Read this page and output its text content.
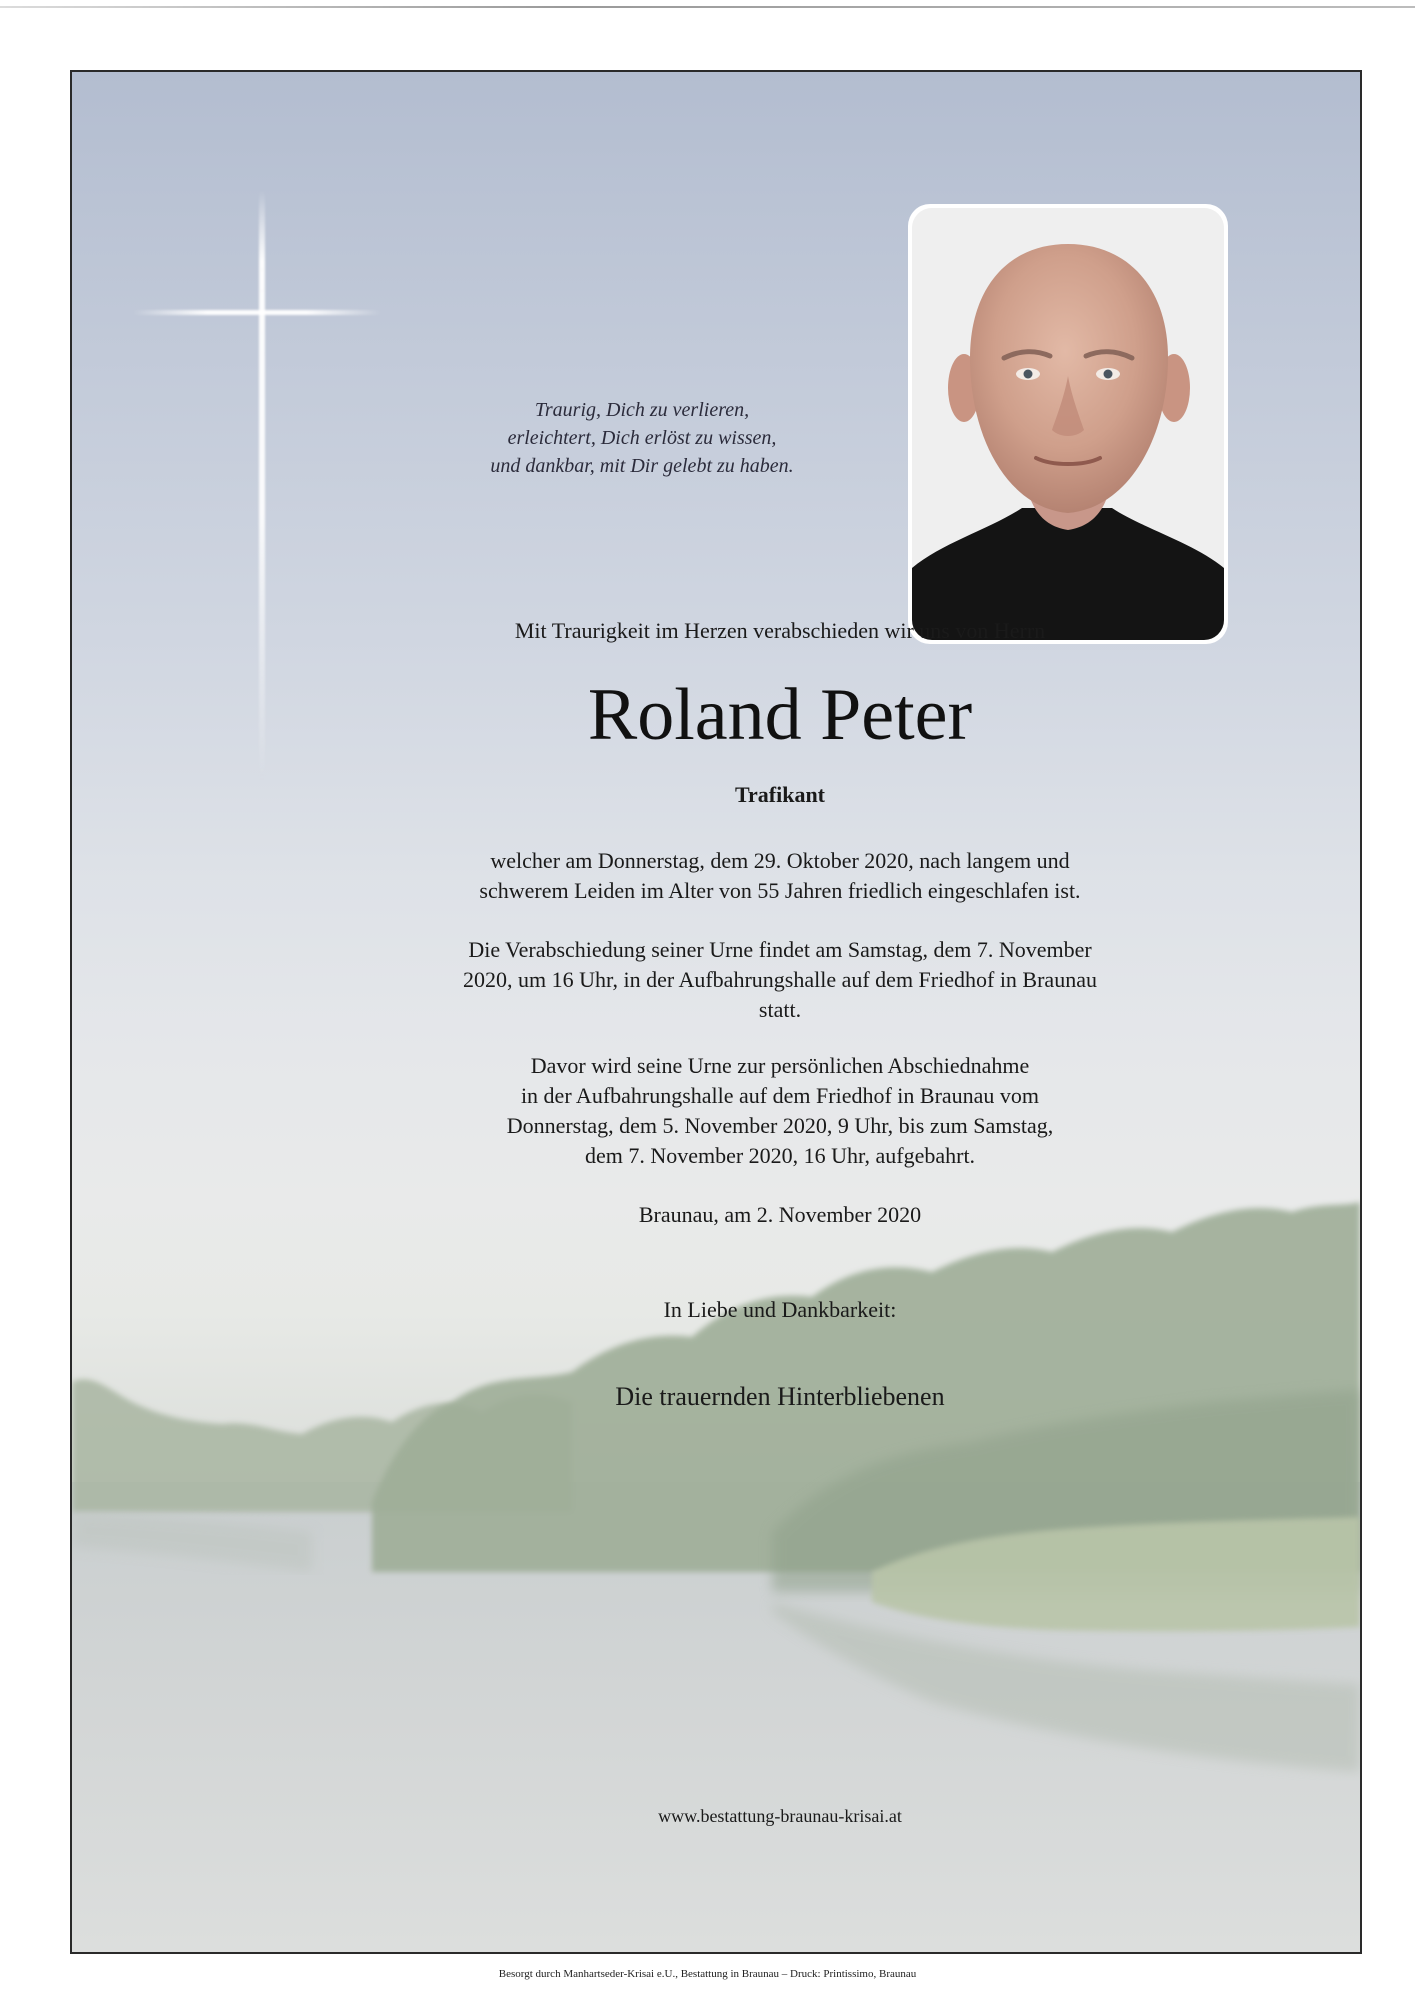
Traurig, Dich zu verlieren,
erleichtert, Dich erlöst zu wissen,
und dankbar, mit Dir gelebt zu haben.
Mit Traurigkeit im Herzen verabschieden wir uns von Herrn
Roland Peter
Trafikant
welcher am Donnerstag, dem 29. Oktober 2020, nach langem und
schwerem Leiden im Alter von 55 Jahren friedlich eingeschlafen ist.
Die Verabschiedung seiner Urne findet am Samstag, dem 7. November
2020, um 16 Uhr, in der Aufbahrungshalle auf dem Friedhof in Braunau
statt.
Davor wird seine Urne zur persönlichen Abschiednahme
in der Aufbahrungshalle auf dem Friedhof in Braunau vom
Donnerstag, dem 5. November 2020, 9 Uhr, bis zum Samstag,
dem 7. November 2020, 16 Uhr, aufgebahrt.
Braunau, am 2. November 2020
In Liebe und Dankbarkeit:
Die trauernden Hinterbliebenen
www.bestattung-braunau-krisai.at
Besorgt durch Manhartseder-Krisai e.U., Bestattung in Braunau – Druck: Printissimo, Braunau
